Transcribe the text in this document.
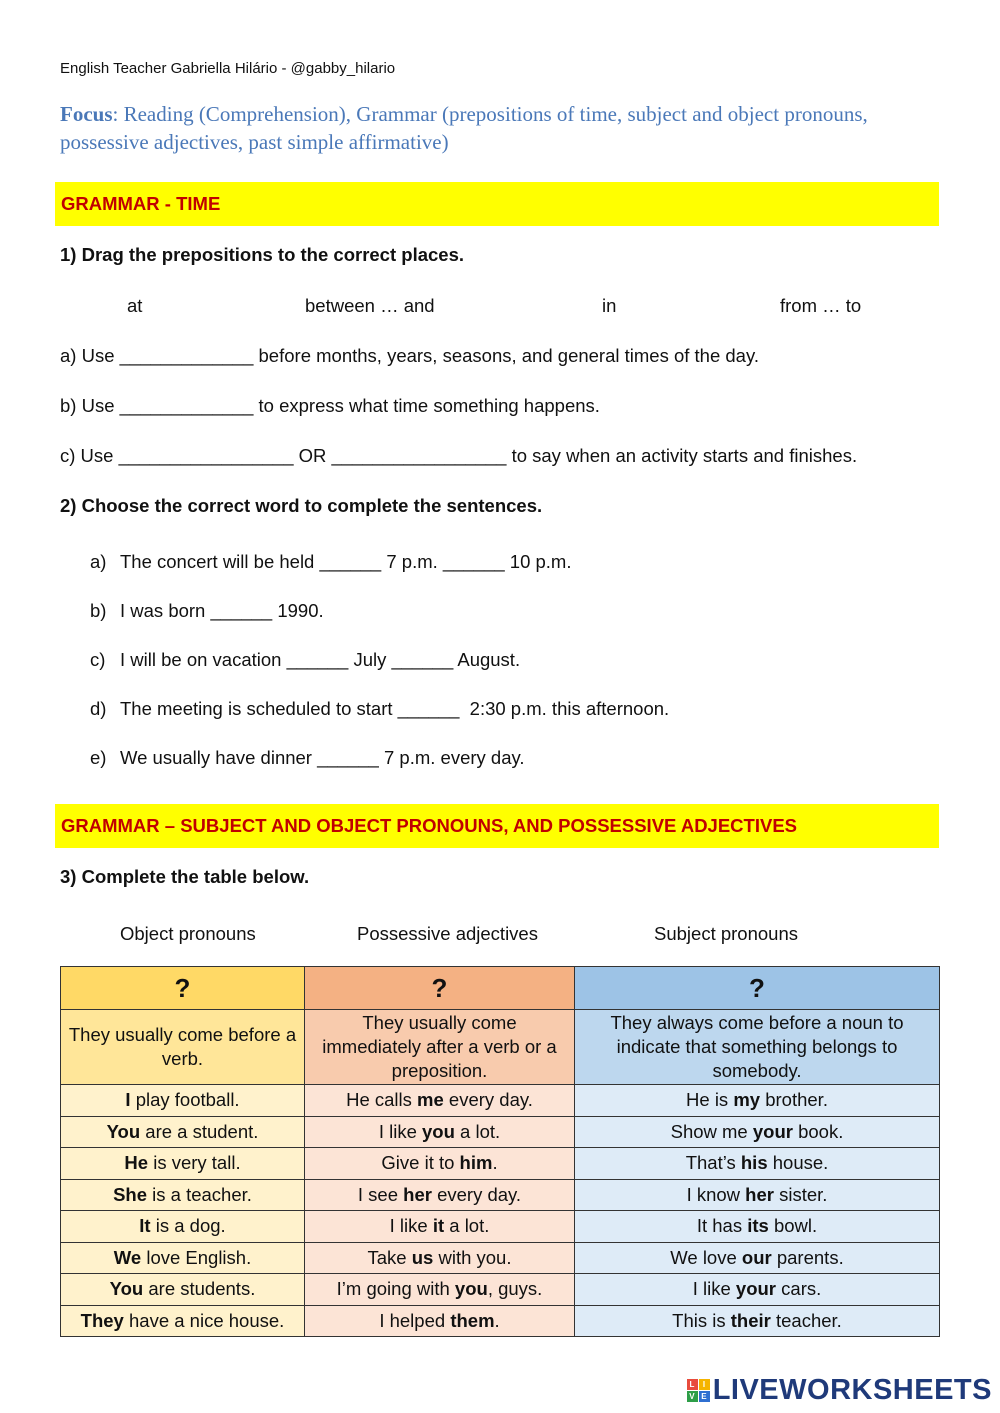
English Teacher Gabriella Hilário - @gabby_hilario
Focus: Reading (Comprehension), Grammar (prepositions of time, subject and object pronouns, possessive adjectives, past simple affirmative)
GRAMMAR - TIME
1) Drag the prepositions to the correct places.
at	between … and	in	from … to
a) Use _____________ before months, years, seasons, and general times of the day.
b) Use _____________ to express what time something happens.
c) Use _________________ OR _________________ to say when an activity starts and finishes.
2) Choose the correct word to complete the sentences.
a) The concert will be held ______ 7 p.m. ______ 10 p.m.
b) I was born ______ 1990.
c) I will be on vacation ______ July ______ August.
d) The meeting is scheduled to start ______  2:30 p.m. this afternoon.
e) We usually have dinner ______ 7 p.m. every day.
GRAMMAR – SUBJECT AND OBJECT PRONOUNS, AND POSSESSIVE ADJECTIVES
3) Complete the table below.
Object pronouns	Possessive adjectives	Subject pronouns
?	?	?
They usually come before a verb.	They usually come immediately after a verb or a preposition.	They always come before a noun to indicate that something belongs to somebody.
I play football.	He calls me every day.	He is my brother.
You are a student.	I like you a lot.	Show me your book.
He is very tall.	Give it to him.	That’s his house.
She is a teacher.	I see her every day.	I know her sister.
It is a dog.	I like it a lot.	It has its bowl.
We love English.	Take us with you.	We love our parents.
You are students.	I’m going with you, guys.	I like your cars.
They have a nice house.	I helped them.	This is their teacher.
L I
V E LIVEWORKSHEETS
